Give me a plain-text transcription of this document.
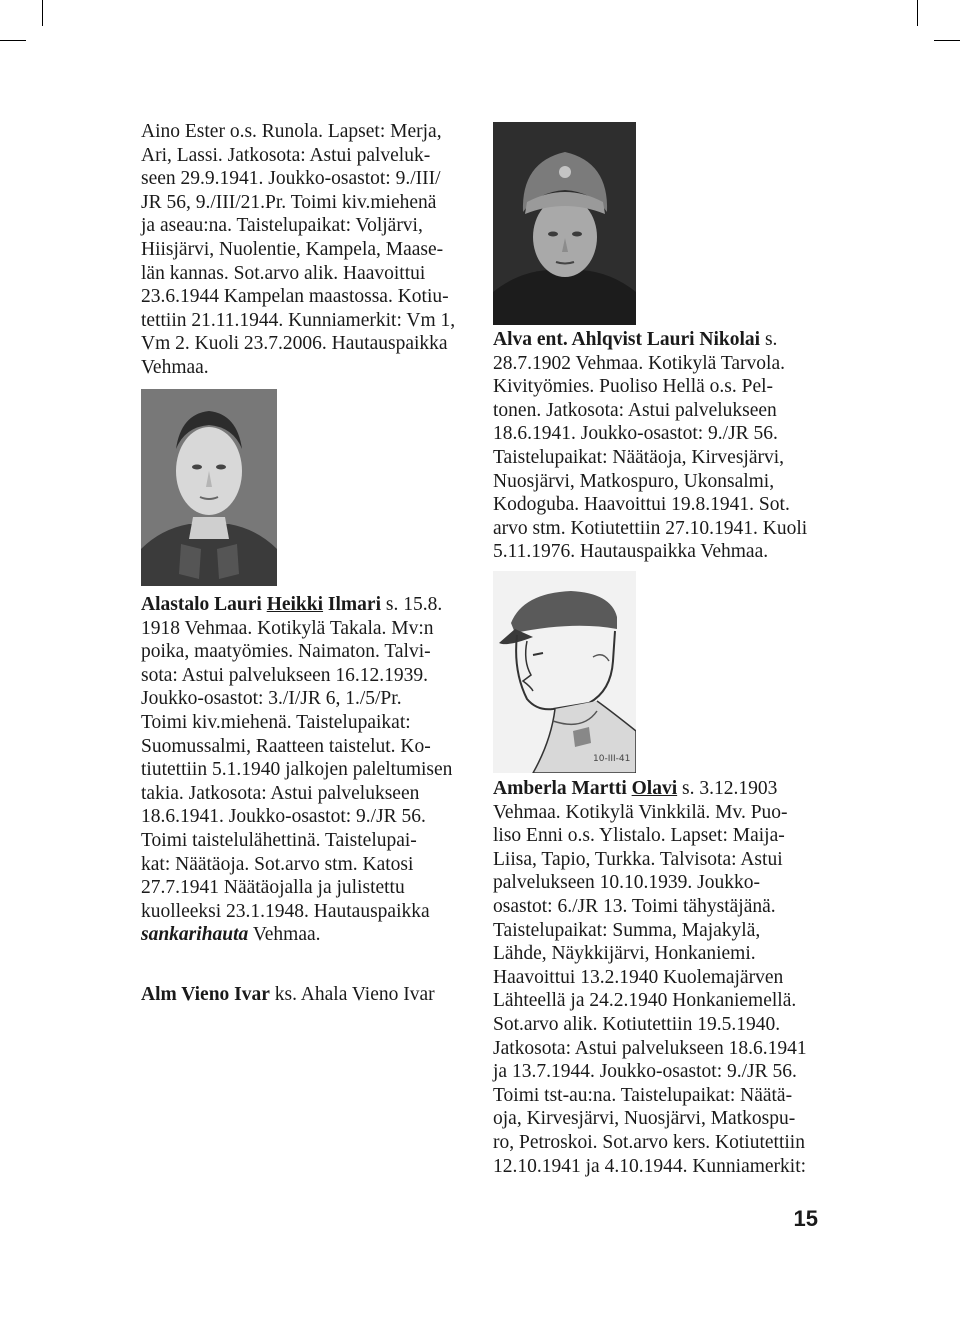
Aino Ester o.s. Runola. Lapset: Merja,

Ari, Lassi. Jatkosota: Astui palveluk-

seen 29.9.1941. Joukko-osastot: 9./III/

JR 56, 9./III/21.Pr. Toimi kiv.miehenä

ja aseau:na. Taistelupaikat: Voljärvi,

Hiisjärvi, Nuolentie, Kampela, Maase-

län kannas. Sot.arvo alik. Haavoittui

23.6.1944 Kampelan maastossa. Kotiu-

tettiin 21.11.1944. Kunniamerkit: Vm 1,

Vm 2. Kuoli 23.7.2006. Hautauspaikka

Vehmaa.

Alastalo Lauri Heikki Ilmari s. 15.8.

1918 Vehmaa. Kotikylä Takala. Mv:n

poika, maatyömies. Naimaton. Talvi-

sota: Astui palvelukseen 16.12.1939.

Joukko-osastot: 3./I/JR 6, 1./5/Pr.

Toimi kiv.miehenä. Taistelupaikat:

Suomussalmi, Raatteen taistelut. Ko-

tiutettiin 5.1.1940 jalkojen paleltumisen

takia. Jatkosota: Astui palvelukseen

18.6.1941. Joukko-osastot: 9./JR 56.

Toimi taistelulähettinä. Taistelupai-

kat: Näätäoja. Sot.arvo stm. Katosi

27.7.1941 Näätäojalla ja julistettu

kuolleeksi 23.1.1948. Hautauspaikka

sankarihauta Vehmaa.

Alm Vieno Ivar ks. Ahala Vieno Ivar

Alva ent. Ahlqvist Lauri Nikolai s.

28.7.1902 Vehmaa. Kotikylä Tarvola.

Kivityömies. Puoliso Hellä o.s. Pel-

tonen. Jatkosota: Astui palvelukseen

18.6.1941. Joukko-osastot: 9./JR 56.

Taistelupaikat: Näätäoja, Kirvesjärvi,

Nuosjärvi, Matkospuro, Ukonsalmi,

Kodoguba. Haavoittui 19.8.1941. Sot.

arvo stm. Kotiutettiin 27.10.1941. Kuoli

5.11.1976. Hautauspaikka Vehmaa.

10-III-41

Amberla Martti Olavi s. 3.12.1903

Vehmaa. Kotikylä Vinkkilä. Mv. Puo-

liso Enni o.s. Ylistalo. Lapset: Maija-

Liisa, Tapio, Turkka. Talvisota: Astui

palvelukseen 10.10.1939. Joukko-

osastot: 6./JR 13. Toimi tähystäjänä.

Taistelupaikat: Summa, Majakylä,

Lähde, Näykkijärvi, Honkaniemi.

Haavoittui 13.2.1940 Kuolemajärven

Lähteellä ja 24.2.1940 Honkaniemellä.

Sot.arvo alik. Kotiutettiin 19.5.1940.

Jatkosota: Astui palvelukseen 18.6.1941

ja 13.7.1944. Joukko-osastot: 9./JR 56.

Toimi tst-au:na. Taistelupaikat: Näätä-

oja, Kirvesjärvi, Nuosjärvi, Matkospu-

ro, Petroskoi. Sot.arvo kers. Kotiutettiin

12.10.1941 ja 4.10.1944. Kunniamerkit:

15
